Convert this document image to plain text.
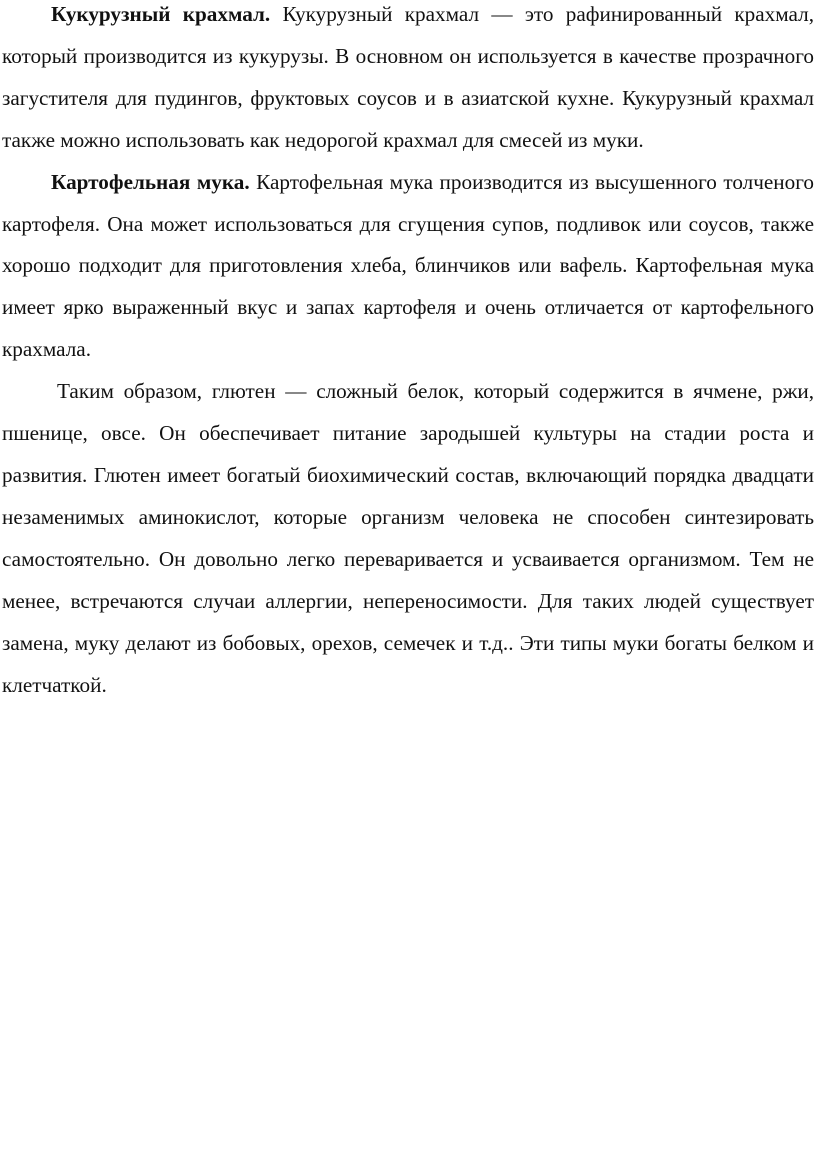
Кукурузный крахмал. Кукурузный крахмал — это рафинированный крахмал, который производится из кукурузы. В основном он используется в качестве прозрачного загустителя для пудингов, фруктовых соусов и в азиатской кухне. Кукурузный крахмал также можно использовать как недорогой крахмал для смесей из муки.

Картофельная мука. Картофельная мука производится из высушенного толченого картофеля. Она может использоваться для сгущения супов, подливок или соусов, также хорошо подходит для приготовления хлеба, блинчиков или вафель. Картофельная мука имеет ярко выраженный вкус и запах картофеля и очень отличается от картофельного крахмала.

Таким образом, глютен — сложный белок, который содержится в ячмене, ржи, пшенице, овсе. Он обеспечивает питание зародышей культуры на стадии роста и развития. Глютен имеет богатый биохимический состав, включающий порядка двадцати незаменимых аминокислот, которые организм человека не способен синтезировать самостоятельно. Он довольно легко переваривается и усваивается организмом. Тем не менее, встречаются случаи аллергии, непереносимости. Для таких людей существует замена, муку делают из бобовых, орехов, семечек и т.д.. Эти типы муки богаты белком и клетчаткой.
